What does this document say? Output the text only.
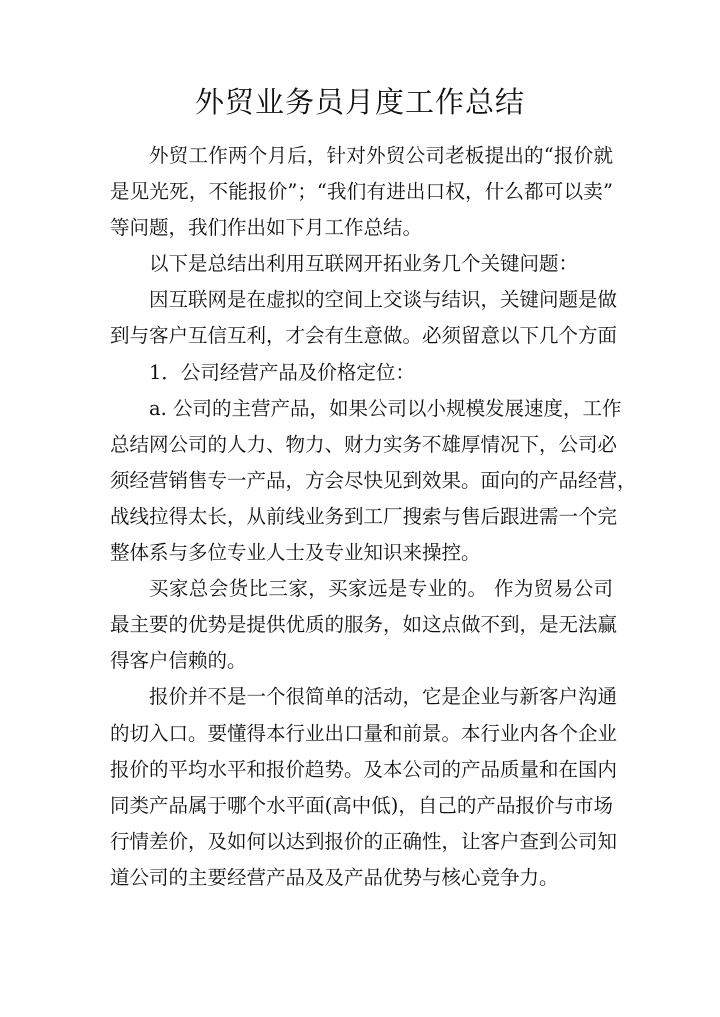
外贸业务员月度工作总结
外贸工作两个月后，针对外贸公司老板提出的“报价就
是见光死，不能报价”；“我们有进出口权，什么都可以卖”
等问题，我们作出如下月工作总结。
以下是总结出利用互联网开拓业务几个关键问题：
因互联网是在虚拟的空间上交谈与结识，关键问题是做
到与客户互信互利，才会有生意做。必须留意以下几个方面
1．公司经营产品及价格定位：
a. 公司的主营产品，如果公司以小规模发展速度，工作
总结网公司的人力、物力、财力实务不雄厚情况下，公司必
须经营销售专一产品，方会尽快见到效果。面向的产品经营，
战线拉得太长，从前线业务到工厂搜索与售后跟进需一个完
整体系与多位专业人士及专业知识来操控。
买家总会货比三家，买家远是专业的。 作为贸易公司
最主要的优势是提供优质的服务，如这点做不到，是无法赢
得客户信赖的。
报价并不是一个很简单的活动，它是企业与新客户沟通
的切入口。要懂得本行业出口量和前景。本行业内各个企业
报价的平均水平和报价趋势。及本公司的产品质量和在国内
同类产品属于哪个水平面(高中低)，自己的产品报价与市场
行情差价，及如何以达到报价的正确性，让客户查到公司知
道公司的主要经营产品及及产品优势与核心竞争力。
